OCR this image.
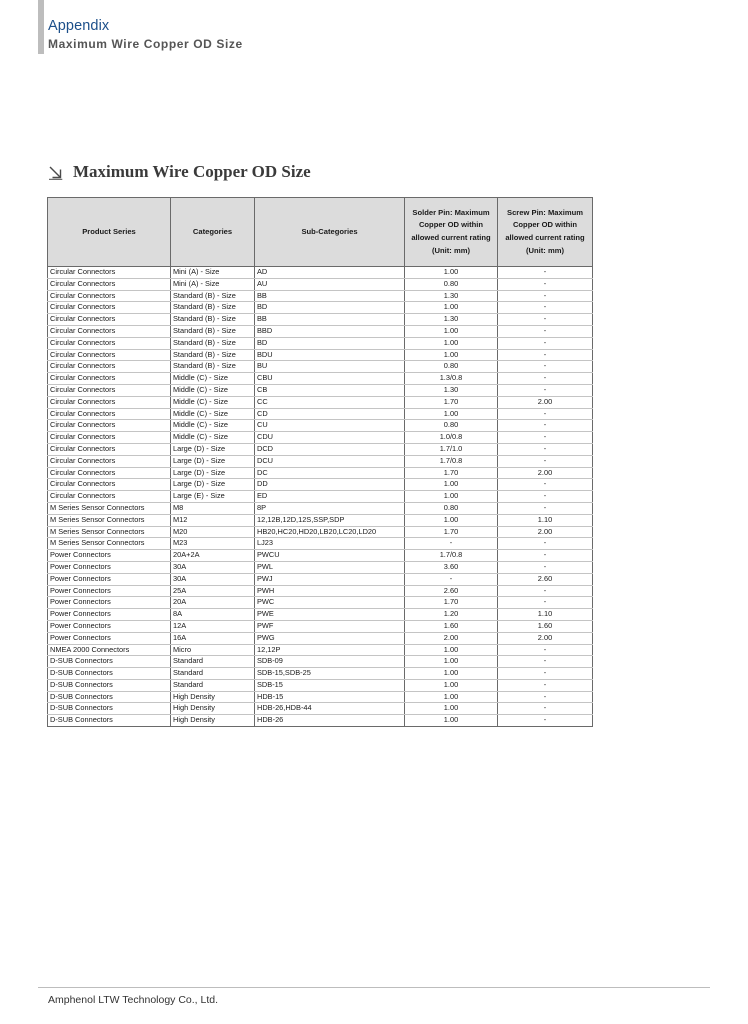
Appendix
Maximum Wire Copper OD Size
Maximum Wire Copper OD Size
Product Series	Categories	Sub-Categories	Solder Pin: Maximum Copper OD within allowed current rating (Unit: mm)	Screw Pin: Maximum Copper OD within allowed current rating (Unit: mm)
Circular Connectors	Mini (A) - Size	AD	1.00	-
Circular Connectors	Mini (A) - Size	AU	0.80	-
Circular Connectors	Standard (B) - Size	BB	1.30	-
Circular Connectors	Standard (B) - Size	BD	1.00	-
Circular Connectors	Standard (B) - Size	BB	1.30	-
Circular Connectors	Standard (B) - Size	BBD	1.00	-
Circular Connectors	Standard (B) - Size	BD	1.00	-
Circular Connectors	Standard (B) - Size	BDU	1.00	-
Circular Connectors	Standard (B) - Size	BU	0.80	-
Circular Connectors	Middle (C) - Size	CBU	1.3/0.8	-
Circular Connectors	Middle (C) - Size	CB	1.30	-
Circular Connectors	Middle (C) - Size	CC	1.70	2.00
Circular Connectors	Middle (C) - Size	CD	1.00	-
Circular Connectors	Middle (C) - Size	CU	0.80	-
Circular Connectors	Middle (C) - Size	CDU	1.0/0.8	-
Circular Connectors	Large (D) - Size	DCD	1.7/1.0	-
Circular Connectors	Large (D) - Size	DCU	1.7/0.8	-
Circular Connectors	Large (D) - Size	DC	1.70	2.00
Circular Connectors	Large (D) - Size	DD	1.00	-
Circular Connectors	Large (E) - Size	ED	1.00	-
M Series Sensor Connectors	M8	8P	0.80	-
M Series Sensor Connectors	M12	12,12B,12D,12S,SSP,SDP	1.00	1.10
M Series Sensor Connectors	M20	HB20,HC20,HD20,LB20,LC20,LD20	1.70	2.00
M Series Sensor Connectors	M23	LJ23	-	-
Power Connectors	20A+2A	PWCU	1.7/0.8	-
Power Connectors	30A	PWL	3.60	-
Power Connectors	30A	PWJ	-	2.60
Power Connectors	25A	PWH	2.60	-
Power Connectors	20A	PWC	1.70	-
Power Connectors	8A	PWE	1.20	1.10
Power Connectors	12A	PWF	1.60	1.60
Power Connectors	16A	PWG	2.00	2.00
NMEA 2000 Connectors	Micro	12,12P	1.00	-
D-SUB Connectors	Standard	SDB-09	1.00	-
D-SUB Connectors	Standard	SDB-15,SDB-25	1.00	-
D-SUB Connectors	Standard	SDB-15	1.00	-
D-SUB Connectors	High Density	HDB-15	1.00	-
D-SUB Connectors	High Density	HDB-26,HDB-44	1.00	-
D-SUB Connectors	High Density	HDB-26	1.00	-
Amphenol LTW Technology Co., Ltd.
